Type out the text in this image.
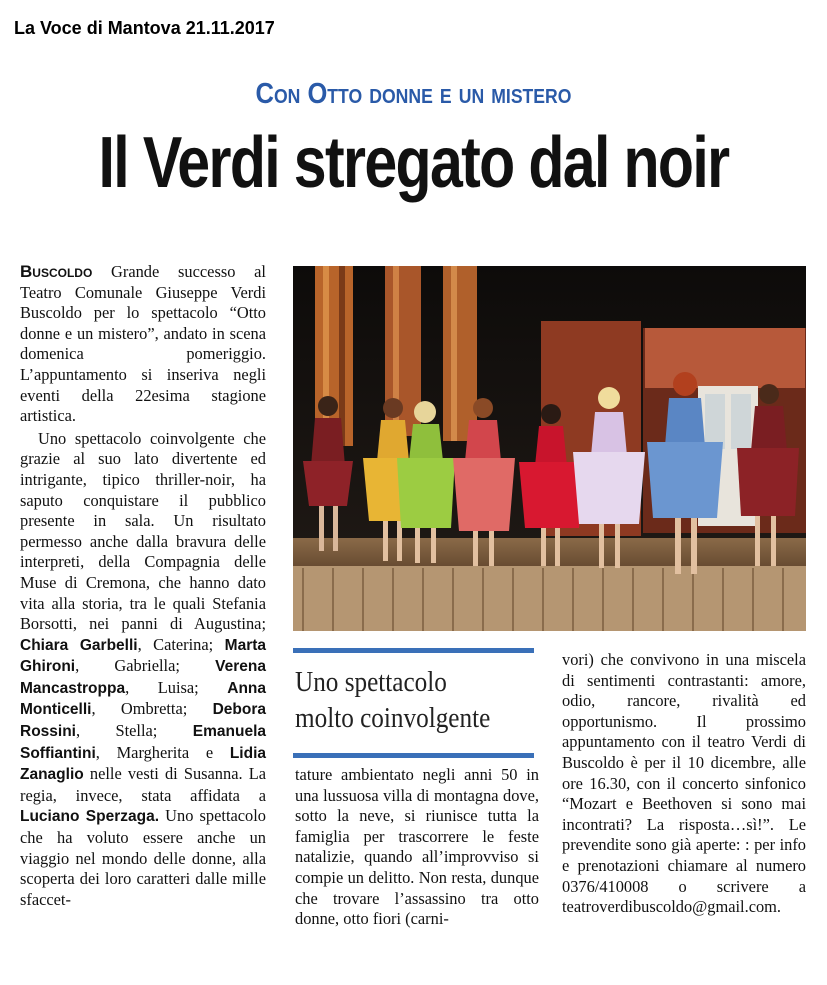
La Voce di Mantova 21.11.2017
Con Otto donne e un mistero
Il Verdi stregato dal noir

Buscoldo Grande successo al Teatro Comunale Giuseppe Verdi Buscoldo per lo spettacolo “Otto donne e un mistero”, andato in scena domenica pomeriggio. L’appuntamento si inseriva negli eventi della 22esima stagione artistica.

Uno spettacolo coinvolgente che grazie al suo lato divertente ed intrigante, tipico thriller-noir, ha saputo conquistare il pubblico presente in sala. Un risultato permesso anche dalla bravura delle interpreti, della Compagnia delle Muse di Cremona, che hanno dato vita alla storia, tra le quali Stefania Borsotti, nei panni di Augustina; Chiara Garbelli, Caterina; Marta Ghironi, Gabriella; Verena Mancastroppa, Luisa; Anna Monticelli, Ombretta; Debora Rossini, Stella; Emanuela Soffiantini, Margherita e Lidia Zanaglio nelle vesti di Susanna. La regia, invece, stata affidata a Luciano Sperzaga. Uno spettacolo che ha voluto essere anche un viaggio nel mondo delle donne, alla scoperta dei loro caratteri dalle mille sfaccet-

Uno spettacolo molto coinvolgente

tature ambientato negli anni 50 in una lussuosa villa di montagna dove, sotto la neve, si riunisce tutta la famiglia per trascorrere le feste natalizie, quando all’improvviso si compie un delitto. Non resta, dunque che trovare l’assassino tra otto donne, otto fiori (carni-

vori) che convivono in una miscela di sentimenti contrastanti: amore, odio, rancore, rivalità ed opportunismo. Il prossimo appuntamento con il teatro Verdi di Buscoldo è per il 10 dicembre, alle ore 16.30, con il concerto sinfonico “Mozart e Beethoven si sono mai incontrati? La risposta…sì!”. Le prevendite sono già aperte: : per info e prenotazioni chiamare al numero 0376/410008 o scrivere a teatroverdibuscoldo@gmail.com.
